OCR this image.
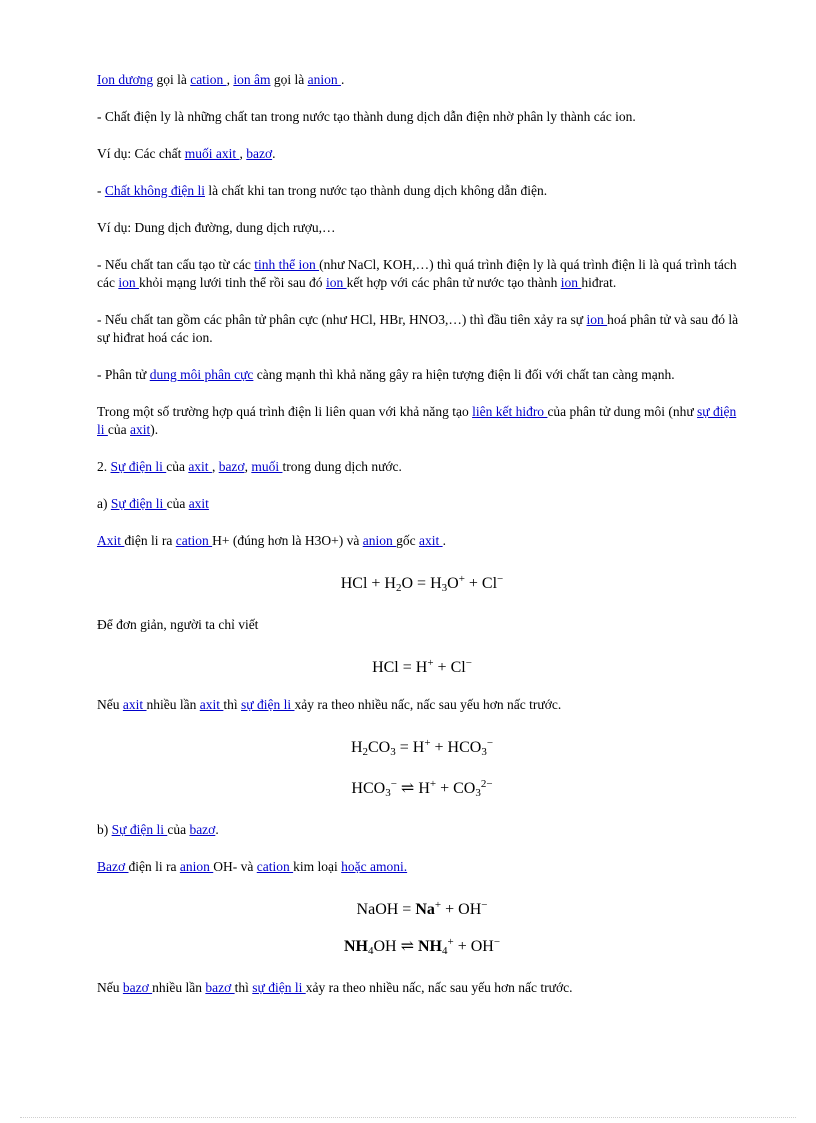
Ion dương gọi là cation , ion âm gọi là anion .

- Chất điện ly là những chất tan trong nước tạo thành dung dịch dẫn điện nhờ phân ly thành các ion.

Ví dụ: Các chất muối axit , bazơ.

- Chất không điện li là chất khi tan trong nước tạo thành dung dịch không dẫn điện.

Ví dụ: Dung dịch đường, dung dịch rượu,…

- Nếu chất tan cấu tạo từ các tinh thể ion (như NaCl, KOH,…) thì quá trình điện ly là quá trình điện li là quá trình tách các ion khỏi mạng lưới tinh thể rồi sau đó ion kết hợp với các phân tử nước tạo thành ion hiđrat.

- Nếu chất tan gồm các phân tử phân cực (như HCl, HBr, HNO3,…) thì đầu tiên xảy ra sự ion hoá phân tử và sau đó là sự hiđrat hoá các ion.

- Phân tử dung môi phân cực càng mạnh thì khả năng gây ra hiện tượng điện li đối với chất tan càng mạnh.

Trong một số trường hợp quá trình điện li liên quan với khả năng tạo liên kết hiđro của phân tử dung môi (như sự điện li của axit).

2. Sự điện li của axit , bazơ, muối trong dung dịch nước.

a) Sự điện li của axit

Axit điện li ra cation H+ (đúng hơn là H3O+) và anion gốc axit .

HCl + $H_2O = H_3O^+ + Cl^-$

Để đơn giản, người ta chỉ viết

HCl = H+ + Cl−

Nếu axit nhiều lần axit thì sự điện li xảy ra theo nhiều nấc, nấc sau yếu hơn nấc trước.

$H_2CO_3 = H^+ + HCO_3^-$
$HCO_3^-$ ⇌ $H^+ + CO_3^{2-}$

b) Sự điện li của bazơ.

Bazơ điện li ra anion OH- và cation kim loại hoặc amoni.

NaOH = Na+ + OH−
$NH_4OH$ ⇌ $NH_4^+ + OH^-$

Nếu bazơ nhiều lần bazơ thì sự điện li xảy ra theo nhiều nấc, nấc sau yếu hơn nấc trước.
